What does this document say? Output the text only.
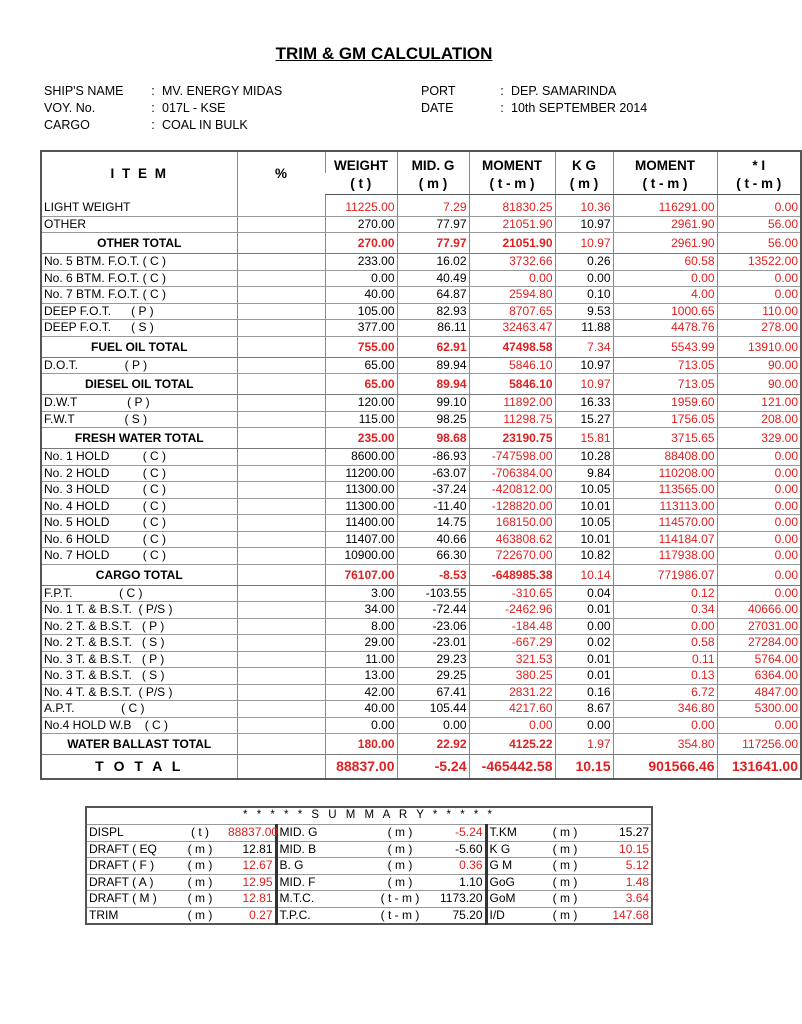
TRIM & GM CALCULATION
SHIP'S NAME	: MV. ENERGY MIDAS
VOY. No.	: 017L - KSE
CARGO	: COAL IN BULK
PORT	: DEP. SAMARINDA
DATE	: 10th SEPTEMBER 2014
I T E M	%	WEIGHT	MID. G	MOMENT	K G	MOMENT	* I
		( t )	( m )	( t - m )	( m )	( t - m )	( t - m )

LIGHT WEIGHT		11225.00	7.29	81830.25	10.36	116291.00	0.00
OTHER		270.00	77.97	21051.90	10.97	2961.90	56.00
OTHER TOTAL		270.00	77.97	21051.90	10.97	2961.90	56.00
No. 5 BTM. F.O.T. ( C )		233.00	16.02	3732.66	0.26	60.58	13522.00
No. 6 BTM. F.O.T. ( C )		0.00	40.49	0.00	0.00	0.00	0.00
No. 7 BTM. F.O.T. ( C )		40.00	64.87	2594.80	0.10	4.00	0.00
DEEP F.O.T.      ( P )		105.00	82.93	8707.65	9.53	1000.65	110.00
DEEP F.O.T.      ( S )		377.00	86.11	32463.47	11.88	4478.76	278.00
FUEL OIL TOTAL		755.00	62.91	47498.58	7.34	5543.99	13910.00
D.O.T.              ( P )		65.00	89.94	5846.10	10.97	713.05	90.00
DIESEL OIL TOTAL		65.00	89.94	5846.10	10.97	713.05	90.00
D.W.T               ( P )		120.00	99.10	11892.00	16.33	1959.60	121.00
F.W.T               ( S )		115.00	98.25	11298.75	15.27	1756.05	208.00
FRESH WATER TOTAL		235.00	98.68	23190.75	15.81	3715.65	329.00
No. 1 HOLD          ( C )		8600.00	-86.93	-747598.00	10.28	88408.00	0.00
No. 2 HOLD          ( C )		11200.00	-63.07	-706384.00	9.84	110208.00	0.00
No. 3 HOLD          ( C )		11300.00	-37.24	-420812.00	10.05	113565.00	0.00
No. 4 HOLD          ( C )		11300.00	-11.40	-128820.00	10.01	113113.00	0.00
No. 5 HOLD          ( C )		11400.00	14.75	168150.00	10.05	114570.00	0.00
No. 6 HOLD          ( C )		11407.00	40.66	463808.62	10.01	114184.07	0.00
No. 7 HOLD          ( C )		10900.00	66.30	722670.00	10.82	117938.00	0.00
CARGO TOTAL		76107.00	-8.53	-648985.38	10.14	771986.07	0.00
F.P.T.              ( C )		3.00	-103.55	-310.65	0.04	0.12	0.00
No. 1 T. & B.S.T.  ( P/S )		34.00	-72.44	-2462.96	0.01	0.34	40666.00
No. 2 T. & B.S.T.   ( P )		8.00	-23.06	-184.48	0.00	0.00	27031.00
No. 2 T. & B.S.T.   ( S )		29.00	-23.01	-667.29	0.02	0.58	27284.00
No. 3 T. & B.S.T.   ( P )		11.00	29.23	321.53	0.01	0.11	5764.00
No. 3 T. & B.S.T.   ( S )		13.00	29.25	380.25	0.01	0.13	6364.00
No. 4 T. & B.S.T.  ( P/S )		42.00	67.41	2831.22	0.16	6.72	4847.00
A.P.T.              ( C )		40.00	105.44	4217.60	8.67	346.80	5300.00
No.4 HOLD W.B    ( C )		0.00	0.00	0.00	0.00	0.00	0.00
WATER BALLAST TOTAL		180.00	22.92	4125.22	1.97	354.80	117256.00
T O T A L		88837.00	-5.24	-465442.58	10.15	901566.46	131641.00
* * * * * S U M M A R Y * * * * *								
DISPL	( t )	88837.00	MID. G	( m )	-5.24	T.KM	( m )	15.27
DRAFT ( EQ	( m )	12.81	MID. B	( m )	-5.60	K G	( m )	10.15
DRAFT ( F )	( m )	12.67	B. G	( m )	0.36	G M	( m )	5.12
DRAFT ( A )	( m )	12.95	MID. F	( m )	1.10	GoG	( m )	1.48
DRAFT ( M )	( m )	12.81	M.T.C.	( t - m )	1173.20	GoM	( m )	3.64
TRIM	( m )	0.27	T.P.C.	( t - m )	75.20	I/D	( m )	147.68
